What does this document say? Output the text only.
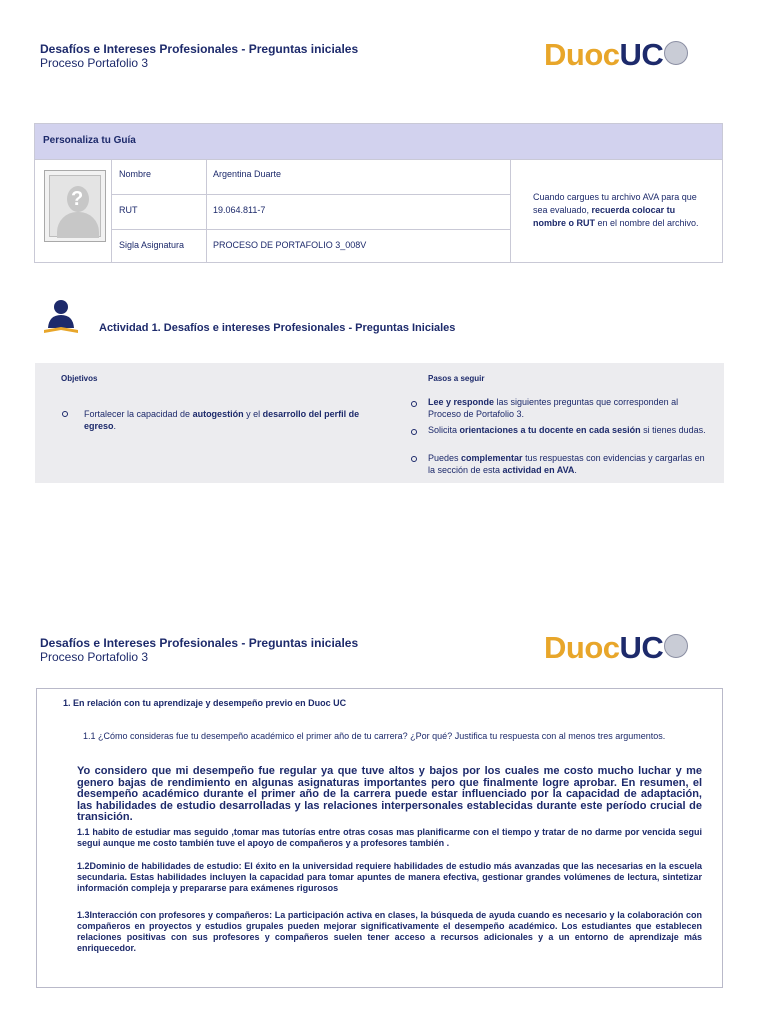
Desafíos e Intereses Profesionales - Preguntas iniciales
Proceso Portafolio 3	DuocUC
Personaliza tu Guía
?
Nombre	Argentina Duarte
RUT	19.064.811-7
Sigla Asignatura	PROCESO DE PORTAFOLIO 3_008V
Cuando cargues tu archivo AVA para que sea evaluado, recuerda colocar tu nombre o RUT en el nombre del archivo.
Actividad 1. Desafíos e intereses Profesionales - Preguntas Iniciales
Objetivos
Fortalecer la capacidad de autogestión y el desarrollo del perfil de egreso.
Pasos a seguir
Lee y responde las siguientes preguntas que corresponden al Proceso de Portafolio 3.
Solicita orientaciones a tu docente en cada sesión si tienes dudas.
Puedes complementar tus respuestas con evidencias y cargarlas en la sección de esta actividad en AVA.
Desafíos e Intereses Profesionales - Preguntas iniciales
Proceso Portafolio 3	DuocUC
1. En relación con tu aprendizaje y desempeño previo en Duoc UC
1.1 ¿Cómo consideras fue tu desempeño académico el primer año de tu carrera? ¿Por qué? Justifica tu respuesta con al menos tres argumentos.
Yo considero que mi desempeño fue regular ya que tuve altos y bajos por los cuales me costo mucho luchar y me genero bajas de rendimiento en algunas asignaturas importantes pero que finalmente logre aprobar. En resumen, el desempeño académico durante el primer año de la carrera puede estar influenciado por la capacidad de adaptación, las habilidades de estudio desarrolladas y las relaciones interpersonales establecidas durante este período crucial de transición.
1.1 habito de estudiar mas seguido ,tomar mas tutorías entre otras cosas mas planificarme con el tiempo y tratar de no darme por vencida segui segui aunque me costo también tuve el apoyo de compañeros y a profesores también .
1.2Dominio de habilidades de estudio: El éxito en la universidad requiere habilidades de estudio más avanzadas que las necesarias en la escuela secundaria. Estas habilidades incluyen la capacidad para tomar apuntes de manera efectiva, gestionar grandes volúmenes de lectura, sintetizar información compleja y prepararse para exámenes rigurosos
1.3Interacción con profesores y compañeros: La participación activa en clases, la búsqueda de ayuda cuando es necesario y la colaboración con compañeros en proyectos y estudios grupales pueden mejorar significativamente el desempeño académico. Los estudiantes que establecen relaciones positivas con sus profesores y compañeros suelen tener acceso a recursos adicionales y a un entorno de aprendizaje más enriquecedor.
